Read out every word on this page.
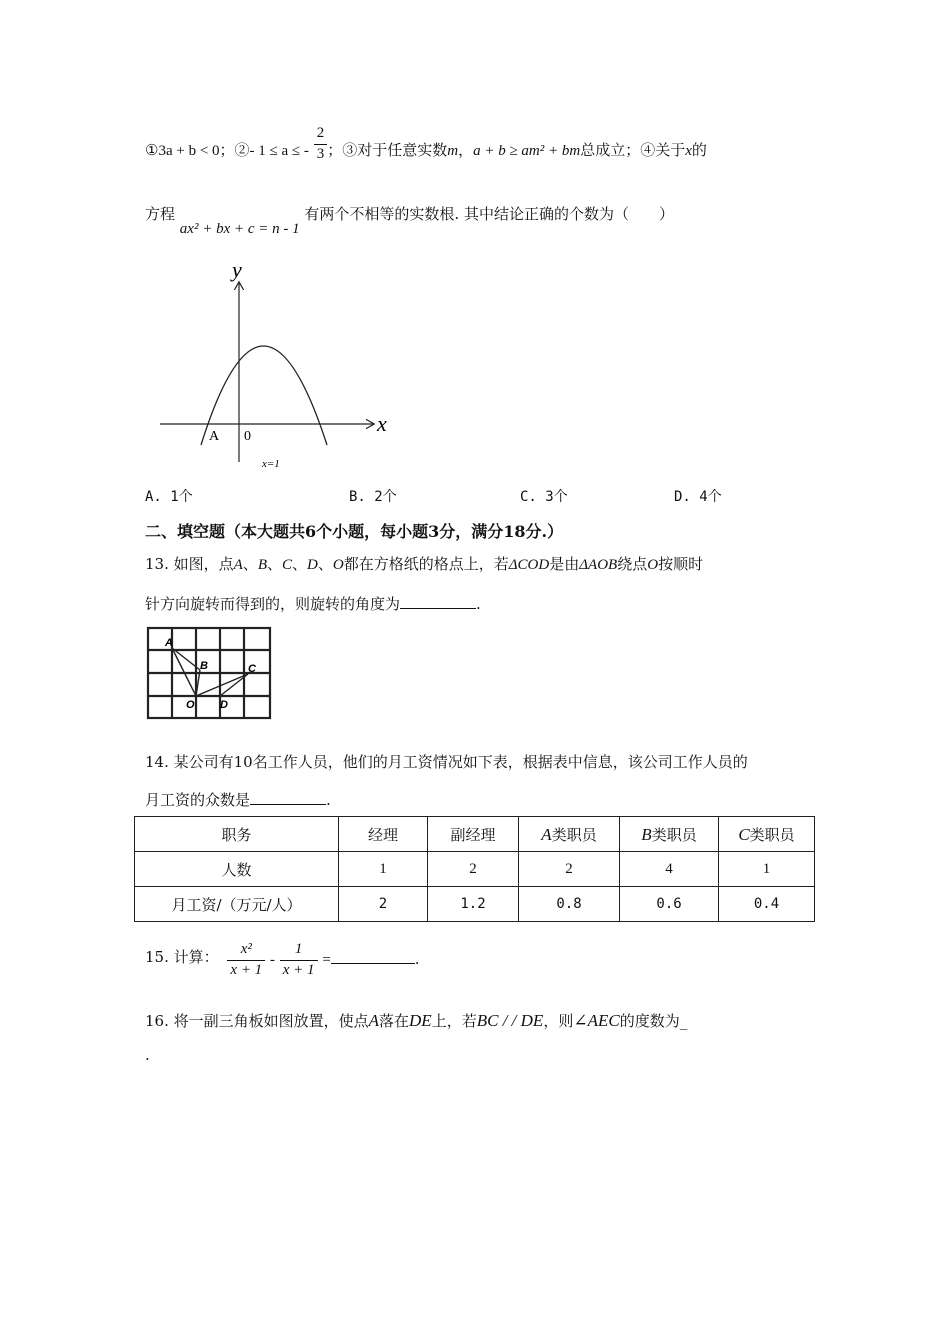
①3a + b < 0；②- 1 ≤ a ≤ - $\frac{2}{3}$ ；③对于任意实数m，a + b ≥ am² + bm总成立；④关于x的
方程 ax² + bx + c = n - 1 有两个不相等的实数根. 其中结论正确的个数为（　　）
y
x
A 0
x=1
A. 1个	B. 2个	C. 3个	D. 4个
二、填空题（本大题共6个小题，每小题3分，满分18分.）
13. 如图，点A、B、C、D、O都在方格纸的格点上，若ΔCOD是由ΔAOB绕点O按顺时
针方向旋转而得到的，则旋转的角度为	.
A
B	C
O D
14. 某公司有10名工作人员，他们的月工资情况如下表，根据表中信息，该公司工作人员的
月工资的众数是	.
职务	经理	副经理	A类职员	B类职员	C类职员
人数	1	2	2	4	1
月工资/（万元/人）	2	1.2	0.8	0.6	0.4
15. 计算： $\frac{\text{x²}}{x + 1} - \frac{1}{x + 1}$ =	.
16. 将一副三角板如图放置，使点A落在DE上，若BC / / DE，则∠AEC的度数为_
.
